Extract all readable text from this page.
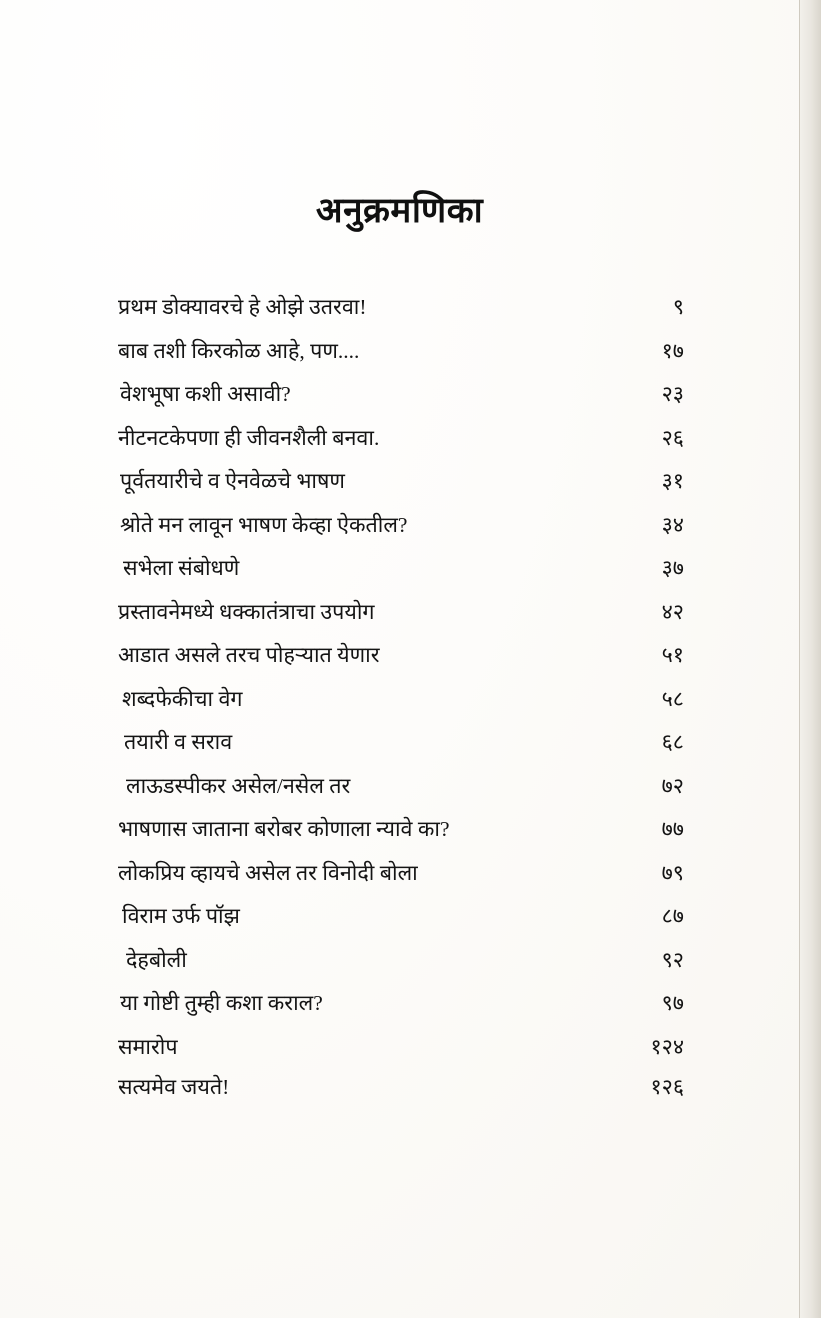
अनुक्रमणिका
प्रथम डोक्यावरचे हे ओझे उतरवा!	९
बाब तशी किरकोळ आहे, पण....	१७
वेशभूषा कशी असावी?	२३
नीटनटकेपणा ही जीवनशैली बनवा.	२६
पूर्वतयारीचे व ऐनवेळचे भाषण	३१
श्रोते मन लावून भाषण केव्हा ऐकतील?	३४
सभेला संबोधणे	३७
प्रस्तावनेमध्ये धक्कातंत्राचा उपयोग	४२
आडात असले तरच पोहऱ्यात येणार	५१
शब्दफेकीचा वेग	५८
तयारी व सराव	६८
लाऊडस्पीकर असेल/नसेल तर	७२
भाषणास जाताना बरोबर कोणाला न्यावे का?	७७
लोकप्रिय व्हायचे असेल तर विनोदी बोला	७९
विराम उर्फ पॉझ	८७
देहबोली	९२
या गोष्टी तुम्ही कशा कराल?	९७
समारोप	१२४
सत्यमेव जयते!	१२६
